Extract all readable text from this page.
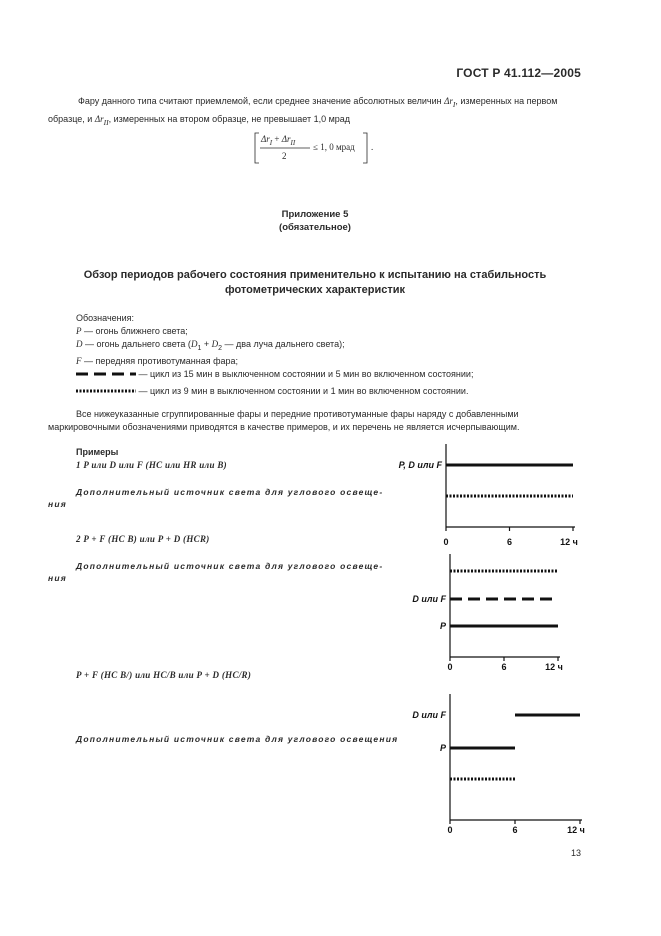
ГОСТ Р 41.112—2005
Фару данного типа считают приемлемой, если среднее значение абсолютных величин $\Delta r_I$, измеренных на первом образце, и $\Delta r_{II}$, измеренных на втором образце, не превышает 1,0 мрад
$\Delta r_I + \Delta r_{II}$
2
≤ 1, 0 мрад .
Приложение 5
(обязательное)
Обзор периодов рабочего состояния применительно к испытанию на стабильность
фотометрических характеристик
Обозначения:
P — огонь ближнего света;
D — огонь дальнего света ($D_1 + D_2$ — два луча дальнего света);
F — передняя противотуманная фара;
— цикл из 15 мин в выключенном состоянии и 5 мин во включенном состоянии;
— цикл из 9 мин в выключенном состоянии и 1 мин во включенном состоянии.
Все нижеуказанные сгруппированные фары и передние противотуманные фары наряду с добавленными маркировочными обозначениями приводятся в качестве примеров, и их перечень не является исчерпывающим.
Примеры
1 P или D или F (HC или HR или B)
Дополнительный источник света для углового освеще-
ния
2 P + F (HC B) или P + D (HCR)
Дополнительный источник света для углового освеще-
ния
P + F (HC B/) или HC/B или P + D (HC/R)
Дополнительный источник света для углового освещения
0	6	12 ч
P, D или F
0	6	12 ч
D или F
P
0	6	12 ч
D или F
P
13
